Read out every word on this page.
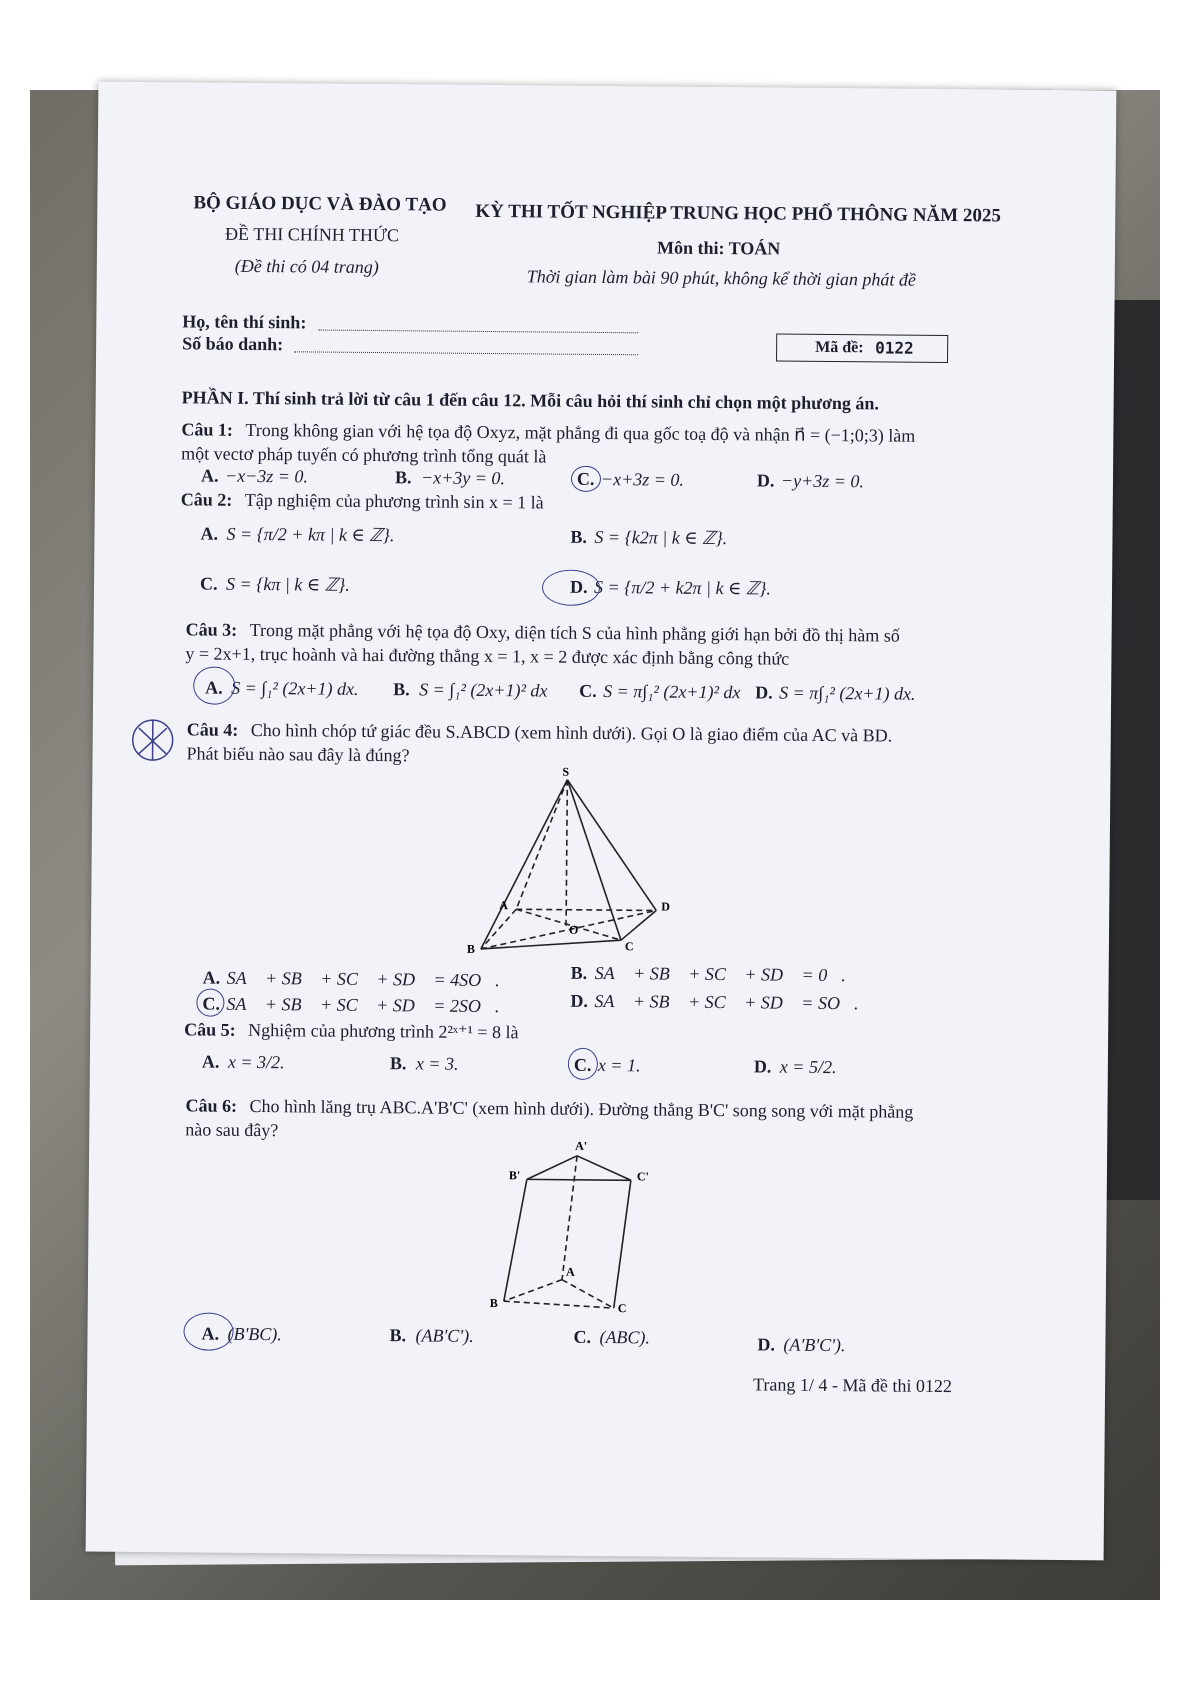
BỘ GIÁO DỤC VÀ ĐÀO TẠO
ĐỀ THI CHÍNH THỨC
(Đề thi có 04 trang)
KỲ THI TỐT NGHIỆP TRUNG HỌC PHỔ THÔNG NĂM 2025
Môn thi: TOÁN
Thời gian làm bài 90 phút, không kể thời gian phát đề
Họ, tên thí sinh:
Số báo danh:	Mã đề: 0122
PHẦN I. Thí sinh trả lời từ câu 1 đến câu 12. Mỗi câu hỏi thí sinh chỉ chọn một phương án.
Câu 1: Trong không gian với hệ tọa độ Oxyz, mặt phẳng đi qua gốc toạ độ và nhận n⃗ = (−1;0;3) làm
một vectơ pháp tuyến có phương trình tổng quát là
A. −x−3z = 0.	B. −x+3y = 0.	C. −x+3z = 0.	D. −y+3z = 0.
Câu 2: Tập nghiệm của phương trình sin x = 1 là
A. S = {π/2 + kπ | k ∈ ℤ}.	B. S = {k2π | k ∈ ℤ}.
C. S = {kπ | k ∈ ℤ}.	D. S = {π/2 + k2π | k ∈ ℤ}.
Câu 3: Trong mặt phẳng với hệ tọa độ Oxy, diện tích S của hình phẳng giới hạn bởi đồ thị hàm số
y = 2x+1, trục hoành và hai đường thẳng x = 1, x = 2 được xác định bằng công thức
A. S = ∫₁² (2x+1) dx. B. S = ∫₁² (2x+1)² dx C. S = π∫₁² (2x+1)² dx D. S = π∫₁² (2x+1) dx.
Câu 4: Cho hình chóp tứ giác đều S.ABCD (xem hình dưới). Gọi O là giao điểm của AC và BD.
Phát biểu nào sau đây là đúng?
S
A
B	C
D
O
A. SA⃗ + SB⃗ + SC⃗ + SD⃗ = 4SO⃗.	B. SA⃗ + SB⃗ + SC⃗ + SD⃗ = 0⃗.
C. SA⃗ + SB⃗ + SC⃗ + SD⃗ = 2SO⃗.	D. SA⃗ + SB⃗ + SC⃗ + SD⃗ = SO⃗.
Câu 5: Nghiệm của phương trình 2²ˣ⁺¹ = 8 là
A. x = 3/2.	B. x = 3.	C. x = 1.	D. x = 5/2.
Câu 6: Cho hình lăng trụ ABC.A'B'C' (xem hình dưới). Đường thẳng B'C' song song với mặt phẳng
nào sau đây?
A'
B'	C'
A
B	C
A. (B'BC).	B. (AB'C').	C. (ABC).	D. (A'B'C').
Trang 1/ 4 - Mã đề thi 0122
